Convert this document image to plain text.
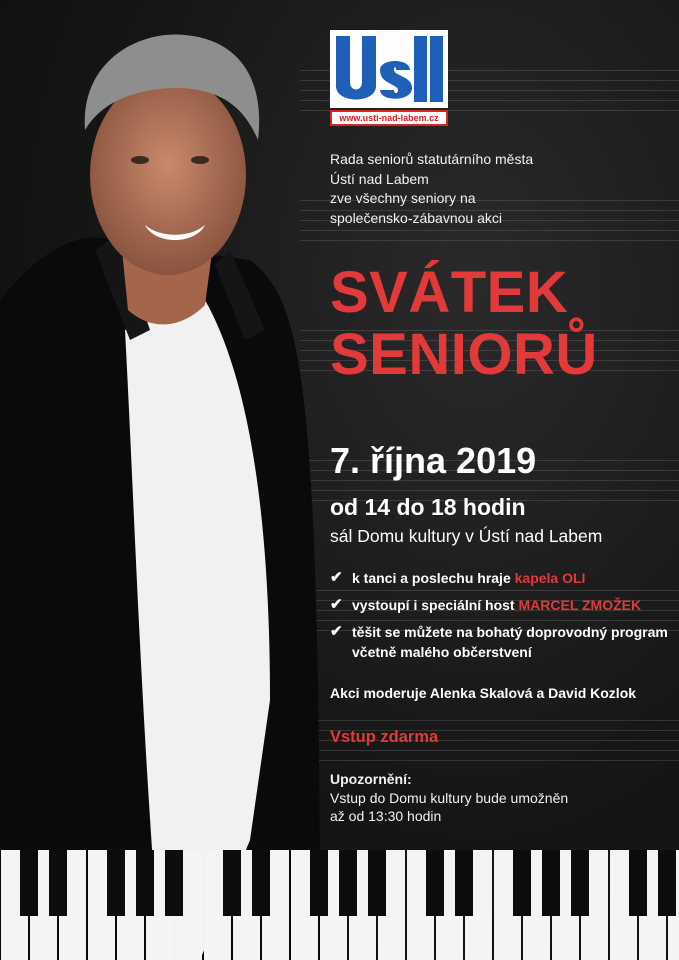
www.usti-nad-labem.cz
Rada seniorů statutárního města
Ústí nad Labem
zve všechny seniory na
společensko-zábavnou akci
SVÁTEK
SENIORŮ
7. října 2019
od 14 do 18 hodin
sál Domu kultury v Ústí nad Labem
✔ k tanci a poslechu hraje kapela OLI
✔ vystoupí i speciální host MARCEL ZMOŽEK
✔ těšit se můžete na bohatý doprovodný program včetně malého občerstvení
Akci moderuje Alenka Skalová a David Kozlok
Vstup zdarma
Upozornění:
Vstup do Domu kultury bude umožněn
až od 13:30 hodin
